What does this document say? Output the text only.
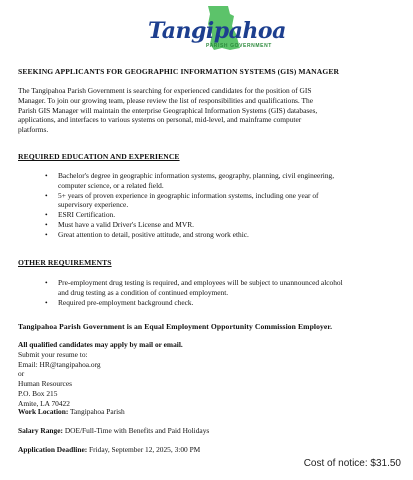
Tangipahoa
PARISH GOVERNMENT
SEEKING APPLICANTS FOR GEOGRAPHIC INFORMATION SYSTEMS (GIS) MANAGER

The Tangipahoa Parish Government is searching for experienced candidates for the position of GIS

Manager. To join our growing team, please review the list of responsibilities and qualifications. The

Parish GIS Manager will maintain the enterprise Geographical Information Systems (GIS) databases,

applications, and interfaces to various systems on personal, mid-level, and mainframe computer

platforms.

REQUIRED EDUCATION AND EXPERIENCE
• Bachelor's degree in geographic information systems, geography, planning, civil engineering,
computer science, or a related field.
• 5+ years of proven experience in geographic information systems, including one year of
supervisory experience.
• ESRI Certification.
• Must have a valid Driver's License and MVR.
• Great attention to detail, positive attitude, and strong work ethic.
OTHER REQUIREMENTS
• Pre-employment drug testing is required, and employees will be subject to unannounced alcohol
and drug testing as a condition of continued employment.
• Required pre-employment background check.
Tangipahoa Parish Government is an Equal Employment Opportunity Commission Employer.

All qualified candidates may apply by mail or email.

Submit your resume to:

Email: HR@tangipahoa.org

or

Human Resources

P.O. Box 215

Amite, LA 70422

Work Location: Tangipahoa Parish
Salary Range: DOE/Full-Time with Benefits and Paid Holidays
Application Deadline: Friday, September 12, 2025, 3:00 PM
Cost of notice: $31.50
